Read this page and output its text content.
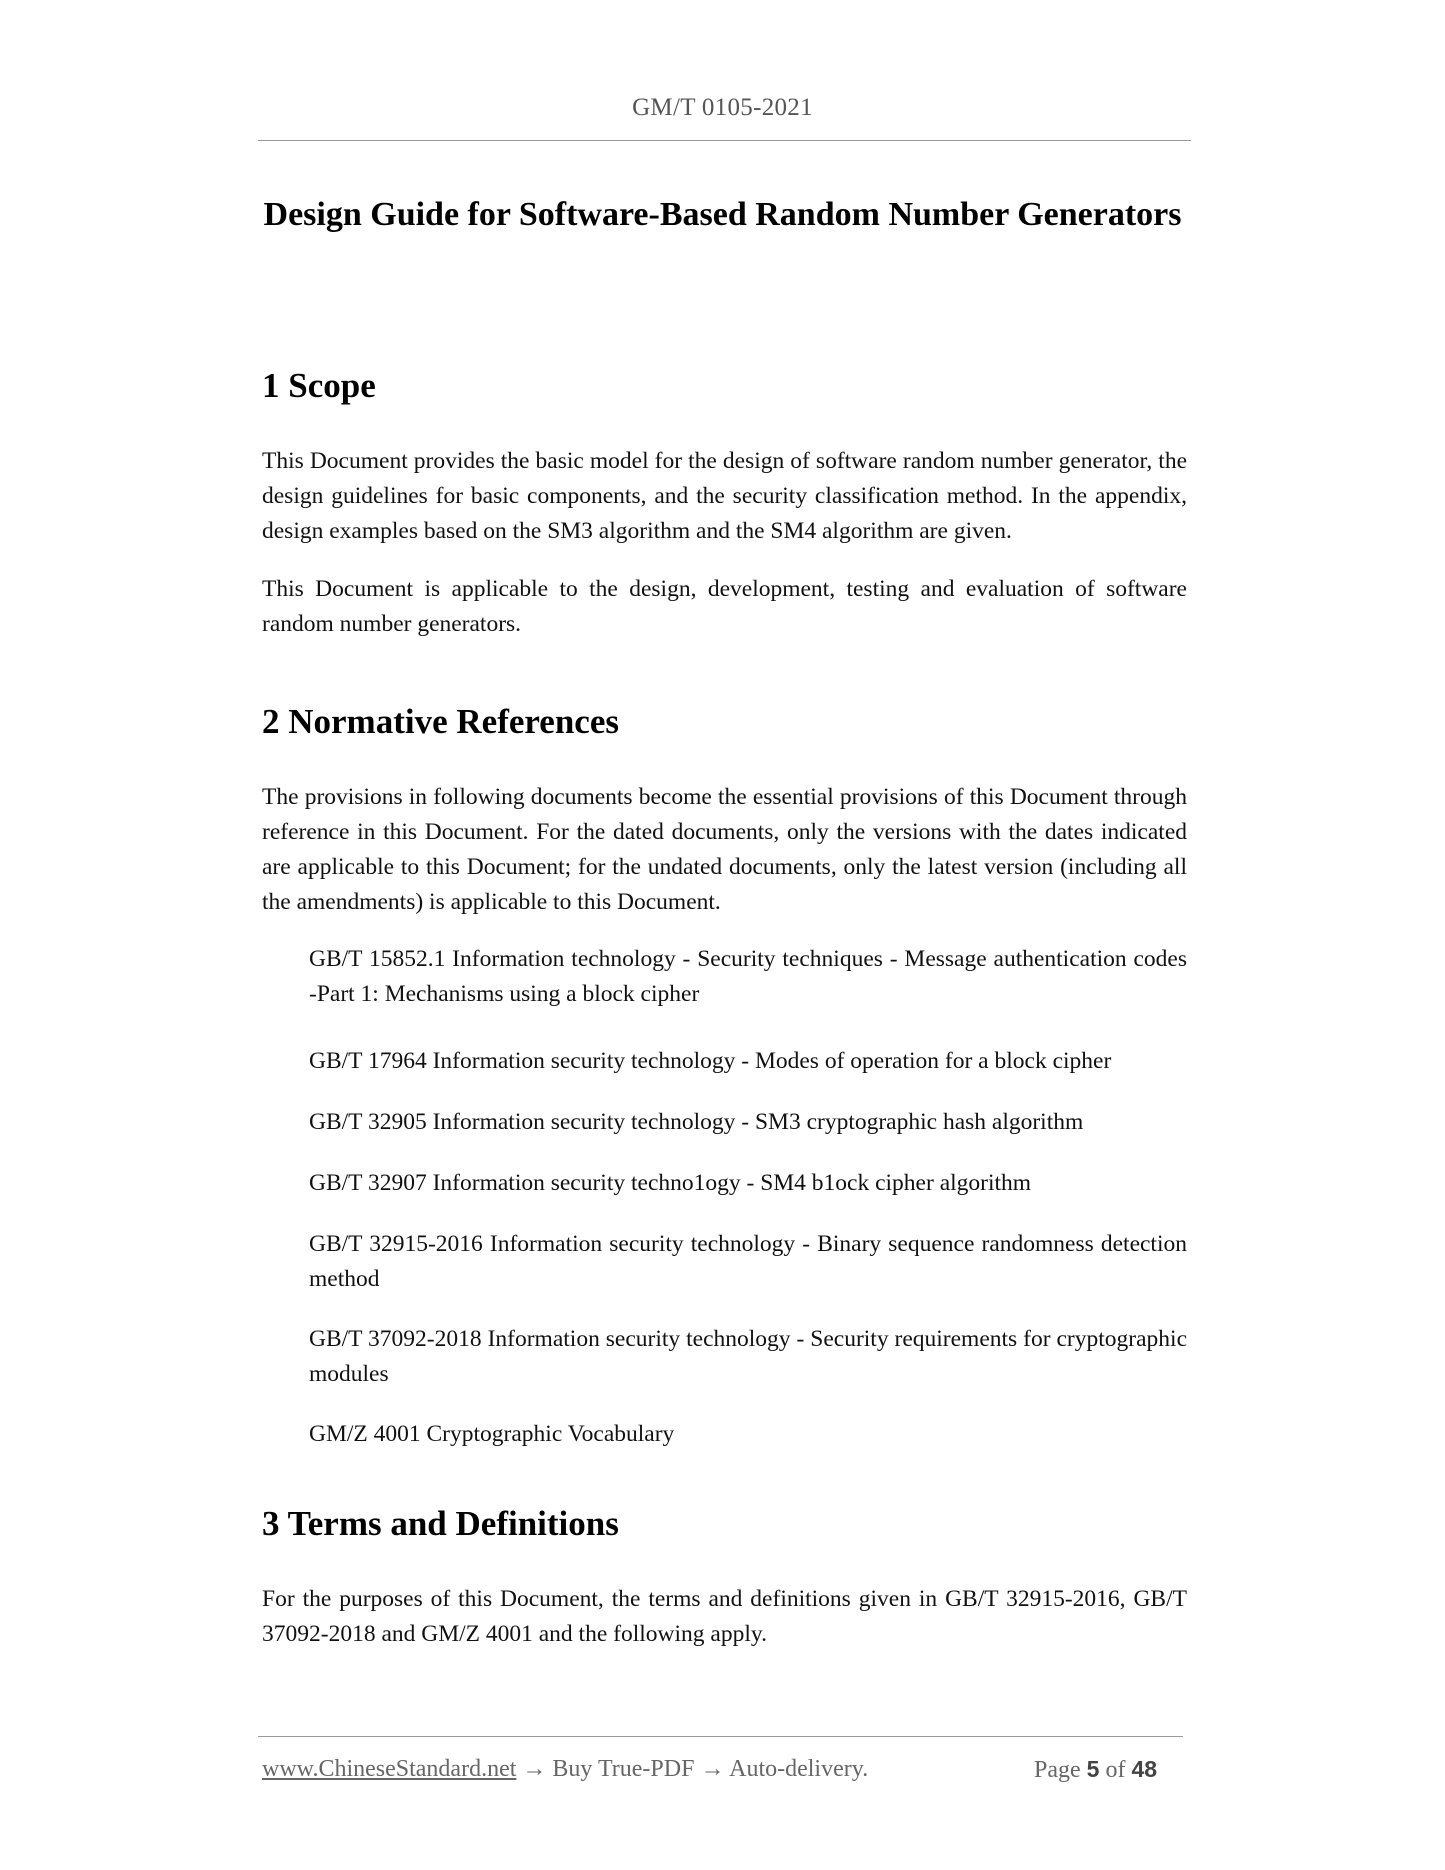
GM/T 0105-2021
Design Guide for Software-Based Random Number Generators
1 Scope

This Document provides the basic model for the design of software random number generator, the design guidelines for basic components, and the security classification method. In the appendix, design examples based on the SM3 algorithm and the SM4 algorithm are given.

This Document is applicable to the design, development, testing and evaluation of software random number generators.

2 Normative References

The provisions in following documents become the essential provisions of this Document through reference in this Document. For the dated documents, only the versions with the dates indicated are applicable to this Document; for the undated documents, only the latest version (including all the amendments) is applicable to this Document.

GB/T 15852.1 Information technology - Security techniques - Message authentication codes -Part 1: Mechanisms using a block cipher

GB/T 17964 Information security technology - Modes of operation for a block cipher

GB/T 32905 Information security technology - SM3 cryptographic hash algorithm

GB/T 32907 Information security techno1ogy - SM4 b1ock cipher algorithm

GB/T 32915-2016 Information security technology - Binary sequence randomness detection method

GB/T 37092-2018 Information security technology - Security requirements for cryptographic modules

GM/Z 4001 Cryptographic Vocabulary

3 Terms and Definitions

For the purposes of this Document, the terms and definitions given in GB/T 32915-2016, GB/T 37092-2018 and GM/Z 4001 and the following apply.

www.ChineseStandard.net → Buy True-PDF → Auto-delivery.	Page 5 of 48
